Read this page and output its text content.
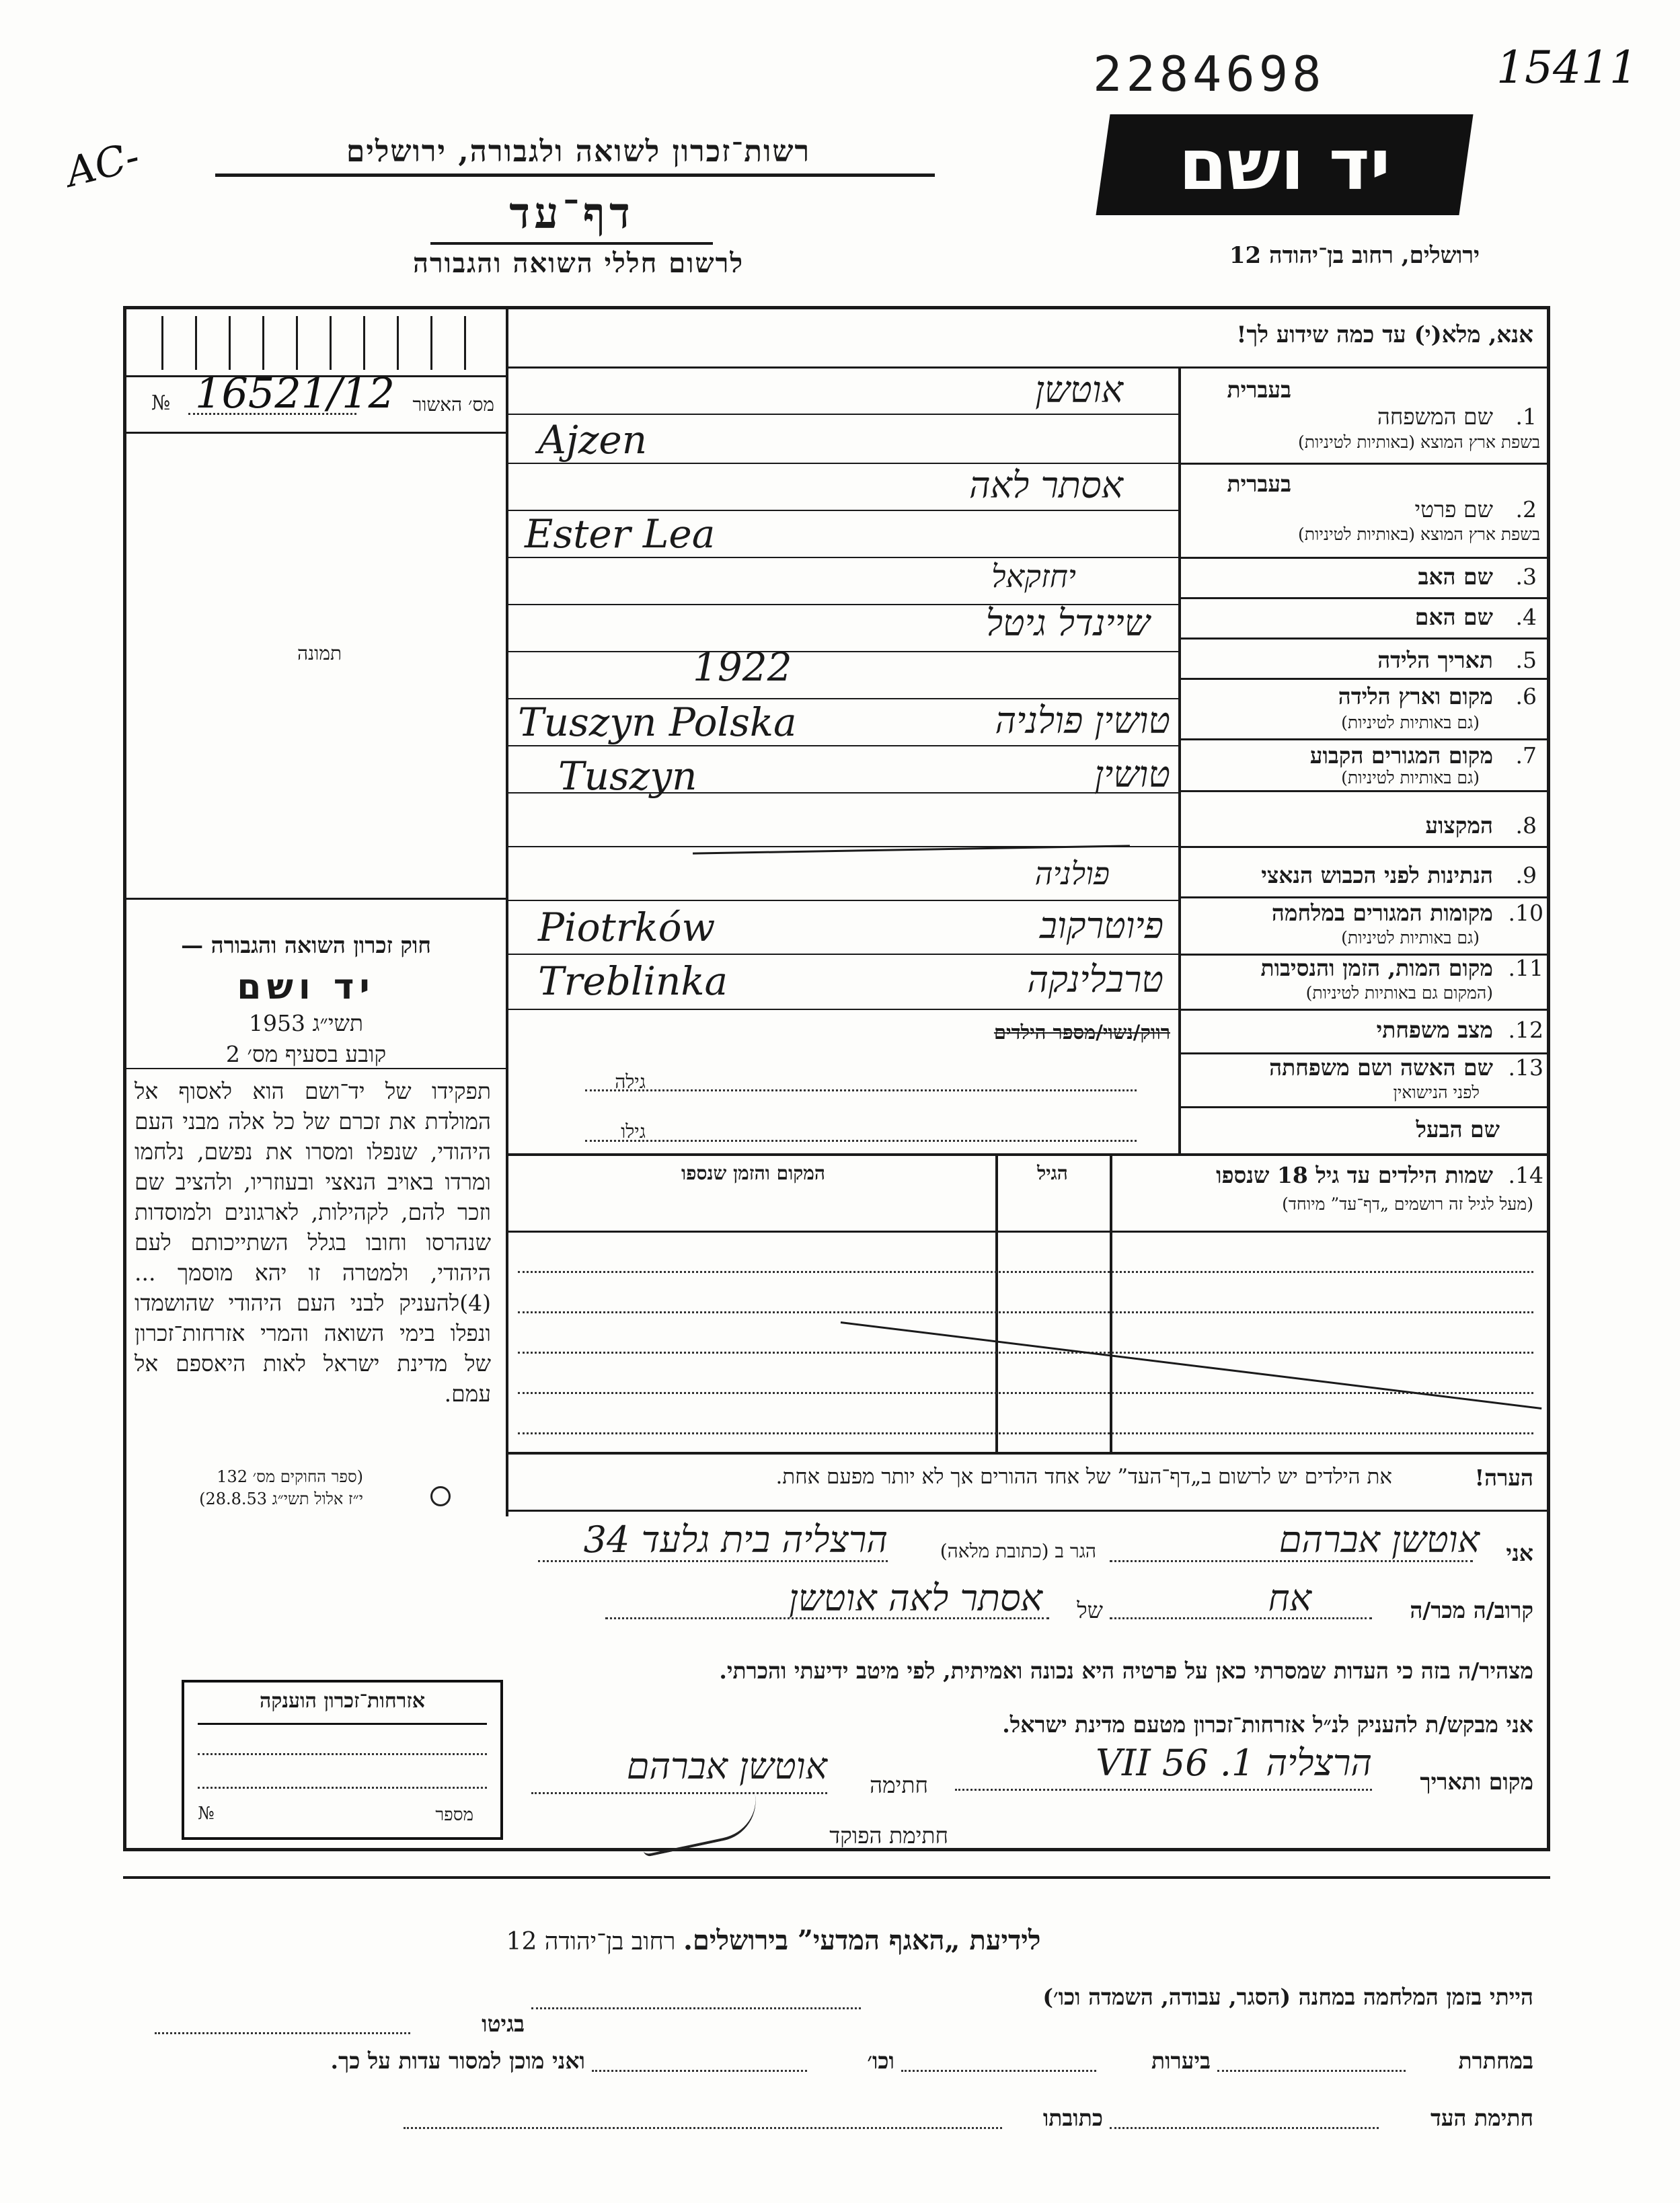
2284698	15411
AC-	רשות־זכרון לשואה ולגבורה, ירושלים
דף־עד
לרשום חללי השואה והגבורה
יד ושם
ירושלים, רחוב בן־יהודה 12
№ 16521/12 מס׳ האשור
תמונה
חוק זכרון השואה והגבורה —
יד ושם
תשי״ג 1953
קובע בסעיף מס׳ 2
תפקידו של יד־ושם הוא לאסוף אל המולדת את זכרם של כל אלה מבני העם היהודי, שנפלו ומסרו את נפשם, נלחמו ומרדו באויב הנאצי ובעוזריו, ולהציב שם וזכר להם, לקהילות, לארגונים ולמוסדות שנהרסו וחובו בגלל השתייכותם לעם היהודי, ולמטרה זו יהא מוסמך ...(4)להעניק לבני העם היהודי שהושמדו ונפלו בימי השואה והמרי אזרחות־זכרון של מדינת ישראל לאות היאספם אל עמם.
(ספר החוקים מס׳ 132
י״ז אלול תשי״ג 28.8.53)
אזרחות־זכרון הוענקה
№	מספר
אנא, מלא(י) עד כמה שידוע לך!
בעברית
שם המשפחה	1.
בשפת ארץ המוצא (באותיות לטיניות)
אוטשן
Ajzen
בעברית
שם פרטי	2.
בשפת ארץ המוצא (באותיות לטיניות)
אסתר לאה
Ester Lea
שם האב	3.
יחזקאל
שם האם	4.
שיינדל גיטל
תאריך הלידה	5.
1922
מקום וארץ הלידה	6.
(גם באותיות לטיניות)
טושין פולניה
Tuszyn Polska
מקום המגורים הקבוע	7.
(גם באותיות לטיניות)
טושין
Tuszyn
המקצוע	8.
הנתינות לפני הכבוש הנאצי	9.
פולניה
מקומות המגורים במלחמה 10.
(גם באותיות לטיניות)
פיוטרקוב
Piotrków
מקום המות, הזמן והנסיבות 11.
(המקום גם באותיות לטיניות)
טרבלינקה
Treblinka
מצב משפחתי 12.
רווק/נשוי/מספר הילדים
שם האשה ושם משפחתה 13.
לפני הנישואין
גילה
שם הבעל
גילו
שמות הילדים עד גיל 18 שנספו 14.
(מעל לגיל זה רושמים „דף־עד” מיוחד)
הגיל
המקום והזמן שנספו
הערה!
את הילדים יש לרשום ב„דף־העד” של אחד ההורים אך לא יותר מפעם אחת.
אני
אוטשן אברהם
הגר ב (כתובת מלאה)
הרצליה בית גלעד 34
קרוב/ה מכר/ה
אח
של
אסתר לאה אוטשן
מצהיר/ה בזה כי העדות שמסרתי כאן על פרטיה היא נכונה ואמיתית, לפי מיטב ידיעתי והכרתי.
אני מבקש/ת להעניק לנ״ל אזרחות־זכרון מטעם מדינת ישראל.
מקום ותאריך
הרצליה 1. VII 56
חתימה
אוטשן אברהם
חתימת הפוקד
לידיעת „האגף המדעי” בירושלים. רחוב בן־יהודה 12
הייתי בזמן המלחמה במחנה (הסגר, עבודה, השמדה וכו׳)
בגיטו
במחתרת
ביערות
וכו׳
ואני מוכן למסור עדות על כך.
חתימת העד
כתובתו
